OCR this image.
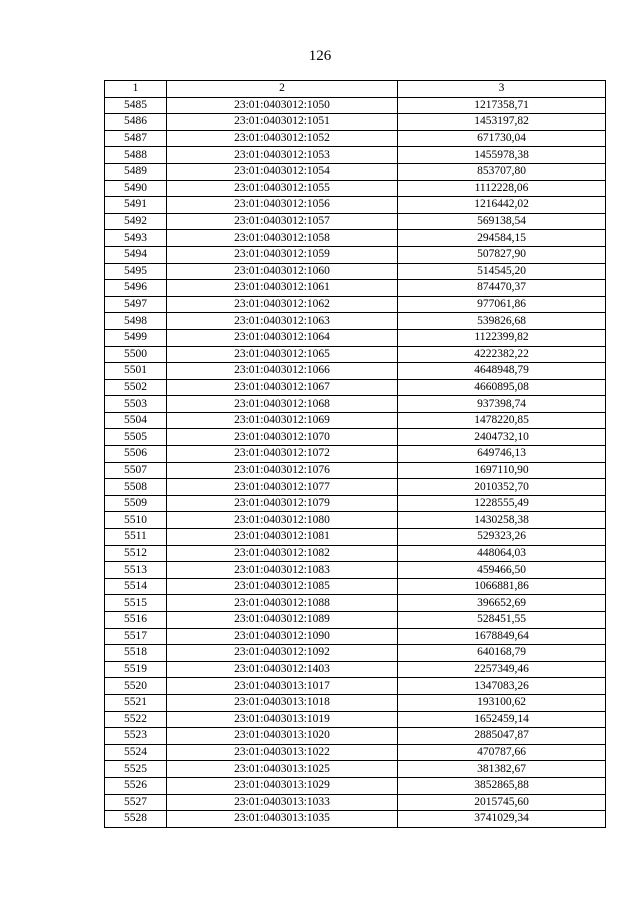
126
1	2	3
5485	23:01:0403012:1050	1217358,71
5486	23:01:0403012:1051	1453197,82
5487	23:01:0403012:1052	671730,04
5488	23:01:0403012:1053	1455978,38
5489	23:01:0403012:1054	853707,80
5490	23:01:0403012:1055	1112228,06
5491	23:01:0403012:1056	1216442,02
5492	23:01:0403012:1057	569138,54
5493	23:01:0403012:1058	294584,15
5494	23:01:0403012:1059	507827,90
5495	23:01:0403012:1060	514545,20
5496	23:01:0403012:1061	874470,37
5497	23:01:0403012:1062	977061,86
5498	23:01:0403012:1063	539826,68
5499	23:01:0403012:1064	1122399,82
5500	23:01:0403012:1065	4222382,22
5501	23:01:0403012:1066	4648948,79
5502	23:01:0403012:1067	4660895,08
5503	23:01:0403012:1068	937398,74
5504	23:01:0403012:1069	1478220,85
5505	23:01:0403012:1070	2404732,10
5506	23:01:0403012:1072	649746,13
5507	23:01:0403012:1076	1697110,90
5508	23:01:0403012:1077	2010352,70
5509	23:01:0403012:1079	1228555,49
5510	23:01:0403012:1080	1430258,38
5511	23:01:0403012:1081	529323,26
5512	23:01:0403012:1082	448064,03
5513	23:01:0403012:1083	459466,50
5514	23:01:0403012:1085	1066881,86
5515	23:01:0403012:1088	396652,69
5516	23:01:0403012:1089	528451,55
5517	23:01:0403012:1090	1678849,64
5518	23:01:0403012:1092	640168,79
5519	23:01:0403012:1403	2257349,46
5520	23:01:0403013:1017	1347083,26
5521	23:01:0403013:1018	193100,62
5522	23:01:0403013:1019	1652459,14
5523	23:01:0403013:1020	2885047,87
5524	23:01:0403013:1022	470787,66
5525	23:01:0403013:1025	381382,67
5526	23:01:0403013:1029	3852865,88
5527	23:01:0403013:1033	2015745,60
5528	23:01:0403013:1035	3741029,34
